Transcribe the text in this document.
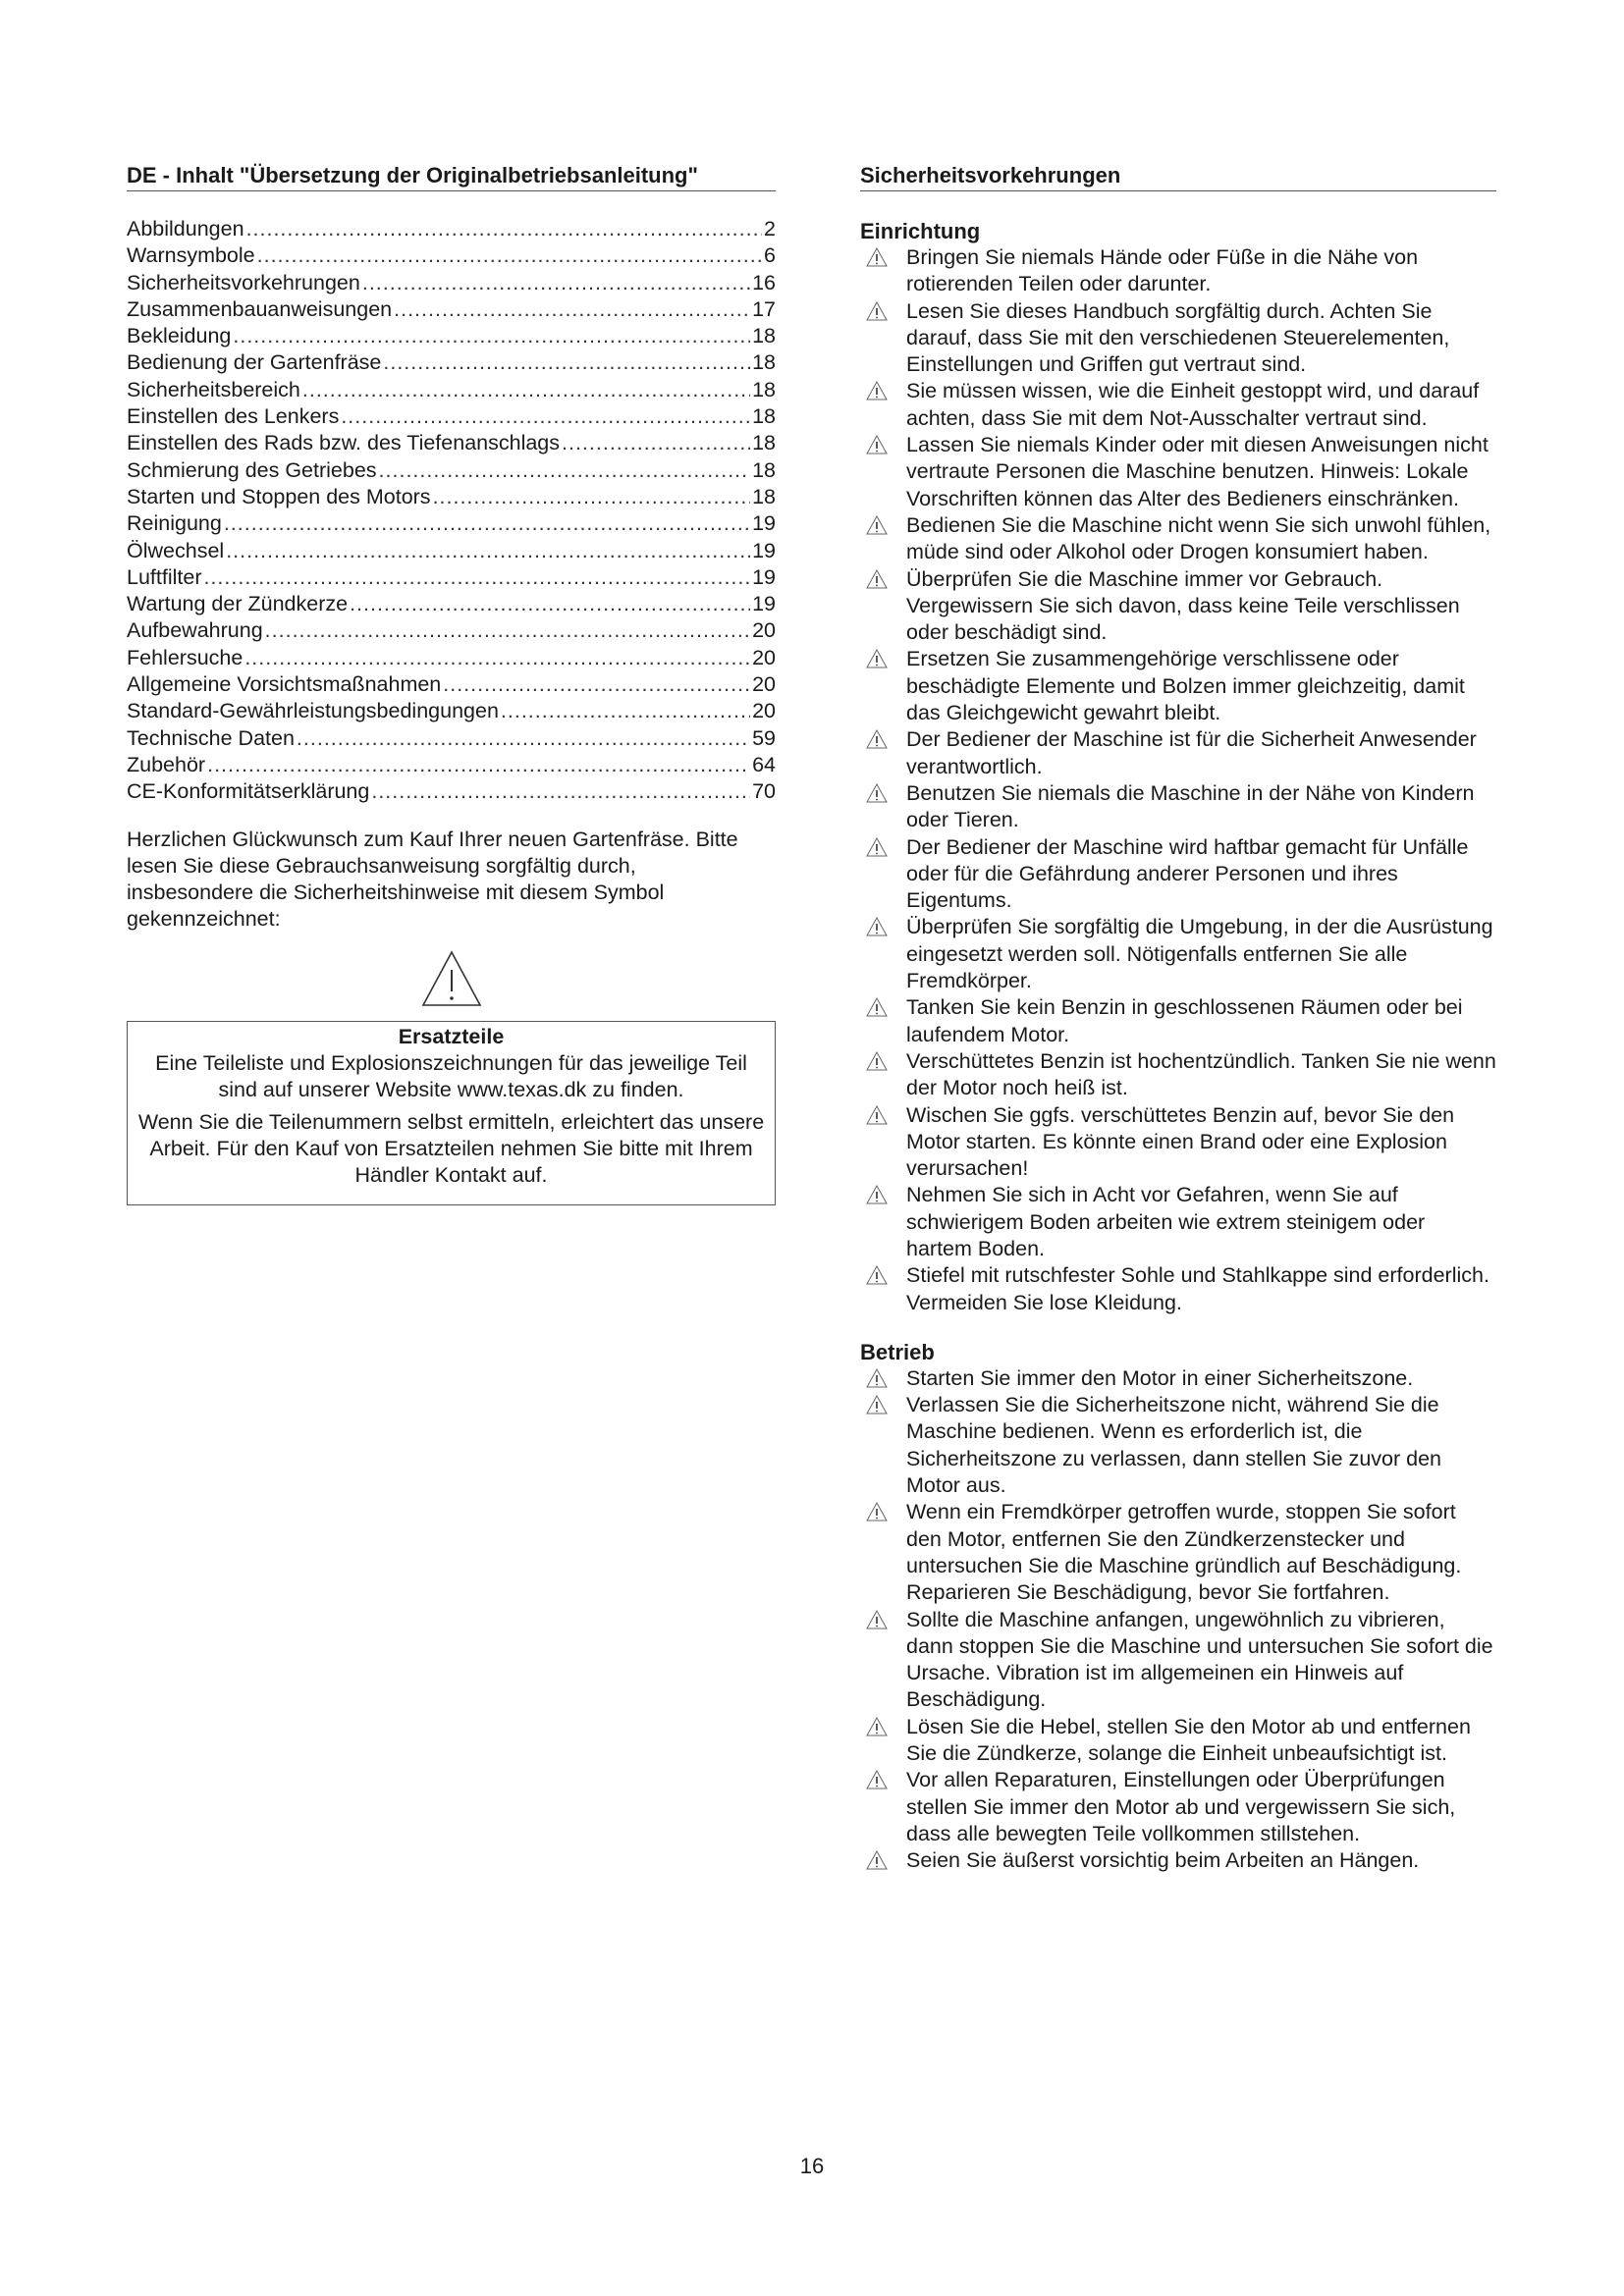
DE - Inhalt "Übersetzung der Originalbetriebsanleitung"
Abbildungen .....	2
Warnsymbole .....	6
Sicherheitsvorkehrungen .....	16
Zusammenbauanweisungen .....	17
Bekleidung .....	18
Bedienung der Gartenfräse .....	18
Sicherheitsbereich .....	18
Einstellen des Lenkers .....	18
Einstellen des Rads bzw. des Tiefenanschlags .....	18
Schmierung des Getriebes .....	18
Starten und Stoppen des Motors .....	18
Reinigung .....	19
Ölwechsel .....	19
Luftfilter .....	19
Wartung der Zündkerze .....	19
Aufbewahrung .....	20
Fehlersuche .....	20
Allgemeine Vorsichtsmaßnahmen .....	20
Standard-Gewährleistungsbedingungen .....	20
Technische Daten .....	59
Zubehör .....	64
CE-Konformitätserklärung .....	70
Herzlichen Glückwunsch zum Kauf Ihrer neuen Gartenfräse. Bitte lesen Sie diese Gebrauchsanweisung sorgfältig durch, insbesondere die Sicherheitshinweise mit diesem Symbol gekennzeichnet:
Ersatzteile

Eine Teileliste und Explosionszeichnungen für das jeweilige Teil sind auf unserer Website www.texas.dk zu finden.

Wenn Sie die Teilenummern selbst ermitteln, erleichtert das unsere Arbeit. Für den Kauf von Ersatzteilen nehmen Sie bitte mit Ihrem Händler Kontakt auf.

Sicherheitsvorkehrungen
Einrichtung
Bringen Sie niemals Hände oder Füße in die Nähe von rotierenden Teilen oder darunter.
Lesen Sie dieses Handbuch sorgfältig durch. Achten Sie darauf, dass Sie mit den verschiedenen Steuerelementen, Einstellungen und Griffen gut vertraut sind.
Sie müssen wissen, wie die Einheit gestoppt wird, und darauf achten, dass Sie mit dem Not-Ausschalter vertraut sind.
Lassen Sie niemals Kinder oder mit diesen Anweisungen nicht vertraute Personen die Maschine benutzen. Hinweis: Lokale Vorschriften können das Alter des Bedieners einschränken.
Bedienen Sie die Maschine nicht wenn Sie sich unwohl fühlen, müde sind oder Alkohol oder Drogen konsumiert haben.
Überprüfen Sie die Maschine immer vor Gebrauch. Vergewissern Sie sich davon, dass keine Teile verschlissen oder beschädigt sind.
Ersetzen Sie zusammengehörige verschlissene oder beschädigte Elemente und Bolzen immer gleichzeitig, damit das Gleichgewicht gewahrt bleibt.
Der Bediener der Maschine ist für die Sicherheit Anwesender verantwortlich.
Benutzen Sie niemals die Maschine in der Nähe von Kindern oder Tieren.
Der Bediener der Maschine wird haftbar gemacht für Unfälle oder für die Gefährdung anderer Personen und ihres Eigentums.
Überprüfen Sie sorgfältig die Umgebung, in der die Ausrüstung eingesetzt werden soll. Nötigenfalls entfernen Sie alle Fremdkörper.
Tanken Sie kein Benzin in geschlossenen Räumen oder bei laufendem Motor.
Verschüttetes Benzin ist hochentzündlich. Tanken Sie nie wenn der Motor noch heiß ist.
Wischen Sie ggfs. verschüttetes Benzin auf, bevor Sie den Motor starten. Es könnte einen Brand oder eine Explosion verursachen!
Nehmen Sie sich in Acht vor Gefahren, wenn Sie auf schwierigem Boden arbeiten wie extrem steinigem oder hartem Boden.
Stiefel mit rutschfester Sohle und Stahlkappe sind erforderlich. Vermeiden Sie lose Kleidung.
Betrieb
Starten Sie immer den Motor in einer Sicherheitszone.
Verlassen Sie die Sicherheitszone nicht, während Sie die Maschine bedienen. Wenn es erforderlich ist, die Sicherheitszone zu verlassen, dann stellen Sie zuvor den Motor aus.
Wenn ein Fremdkörper getroffen wurde, stoppen Sie sofort den Motor, entfernen Sie den Zündkerzenstecker und untersuchen Sie die Maschine gründlich auf Beschädigung. Reparieren Sie Beschädigung, bevor Sie fortfahren.
Sollte die Maschine anfangen, ungewöhnlich zu vibrieren, dann stoppen Sie die Maschine und untersuchen Sie sofort die Ursache. Vibration ist im allgemeinen ein Hinweis auf Beschädigung.
Lösen Sie die Hebel, stellen Sie den Motor ab und entfernen Sie die Zündkerze, solange die Einheit unbeaufsichtigt ist.
Vor allen Reparaturen, Einstellungen oder Überprüfungen stellen Sie immer den Motor ab und vergewissern Sie sich, dass alle bewegten Teile vollkommen stillstehen.
Seien Sie äußerst vorsichtig beim Arbeiten an Hängen.
16
